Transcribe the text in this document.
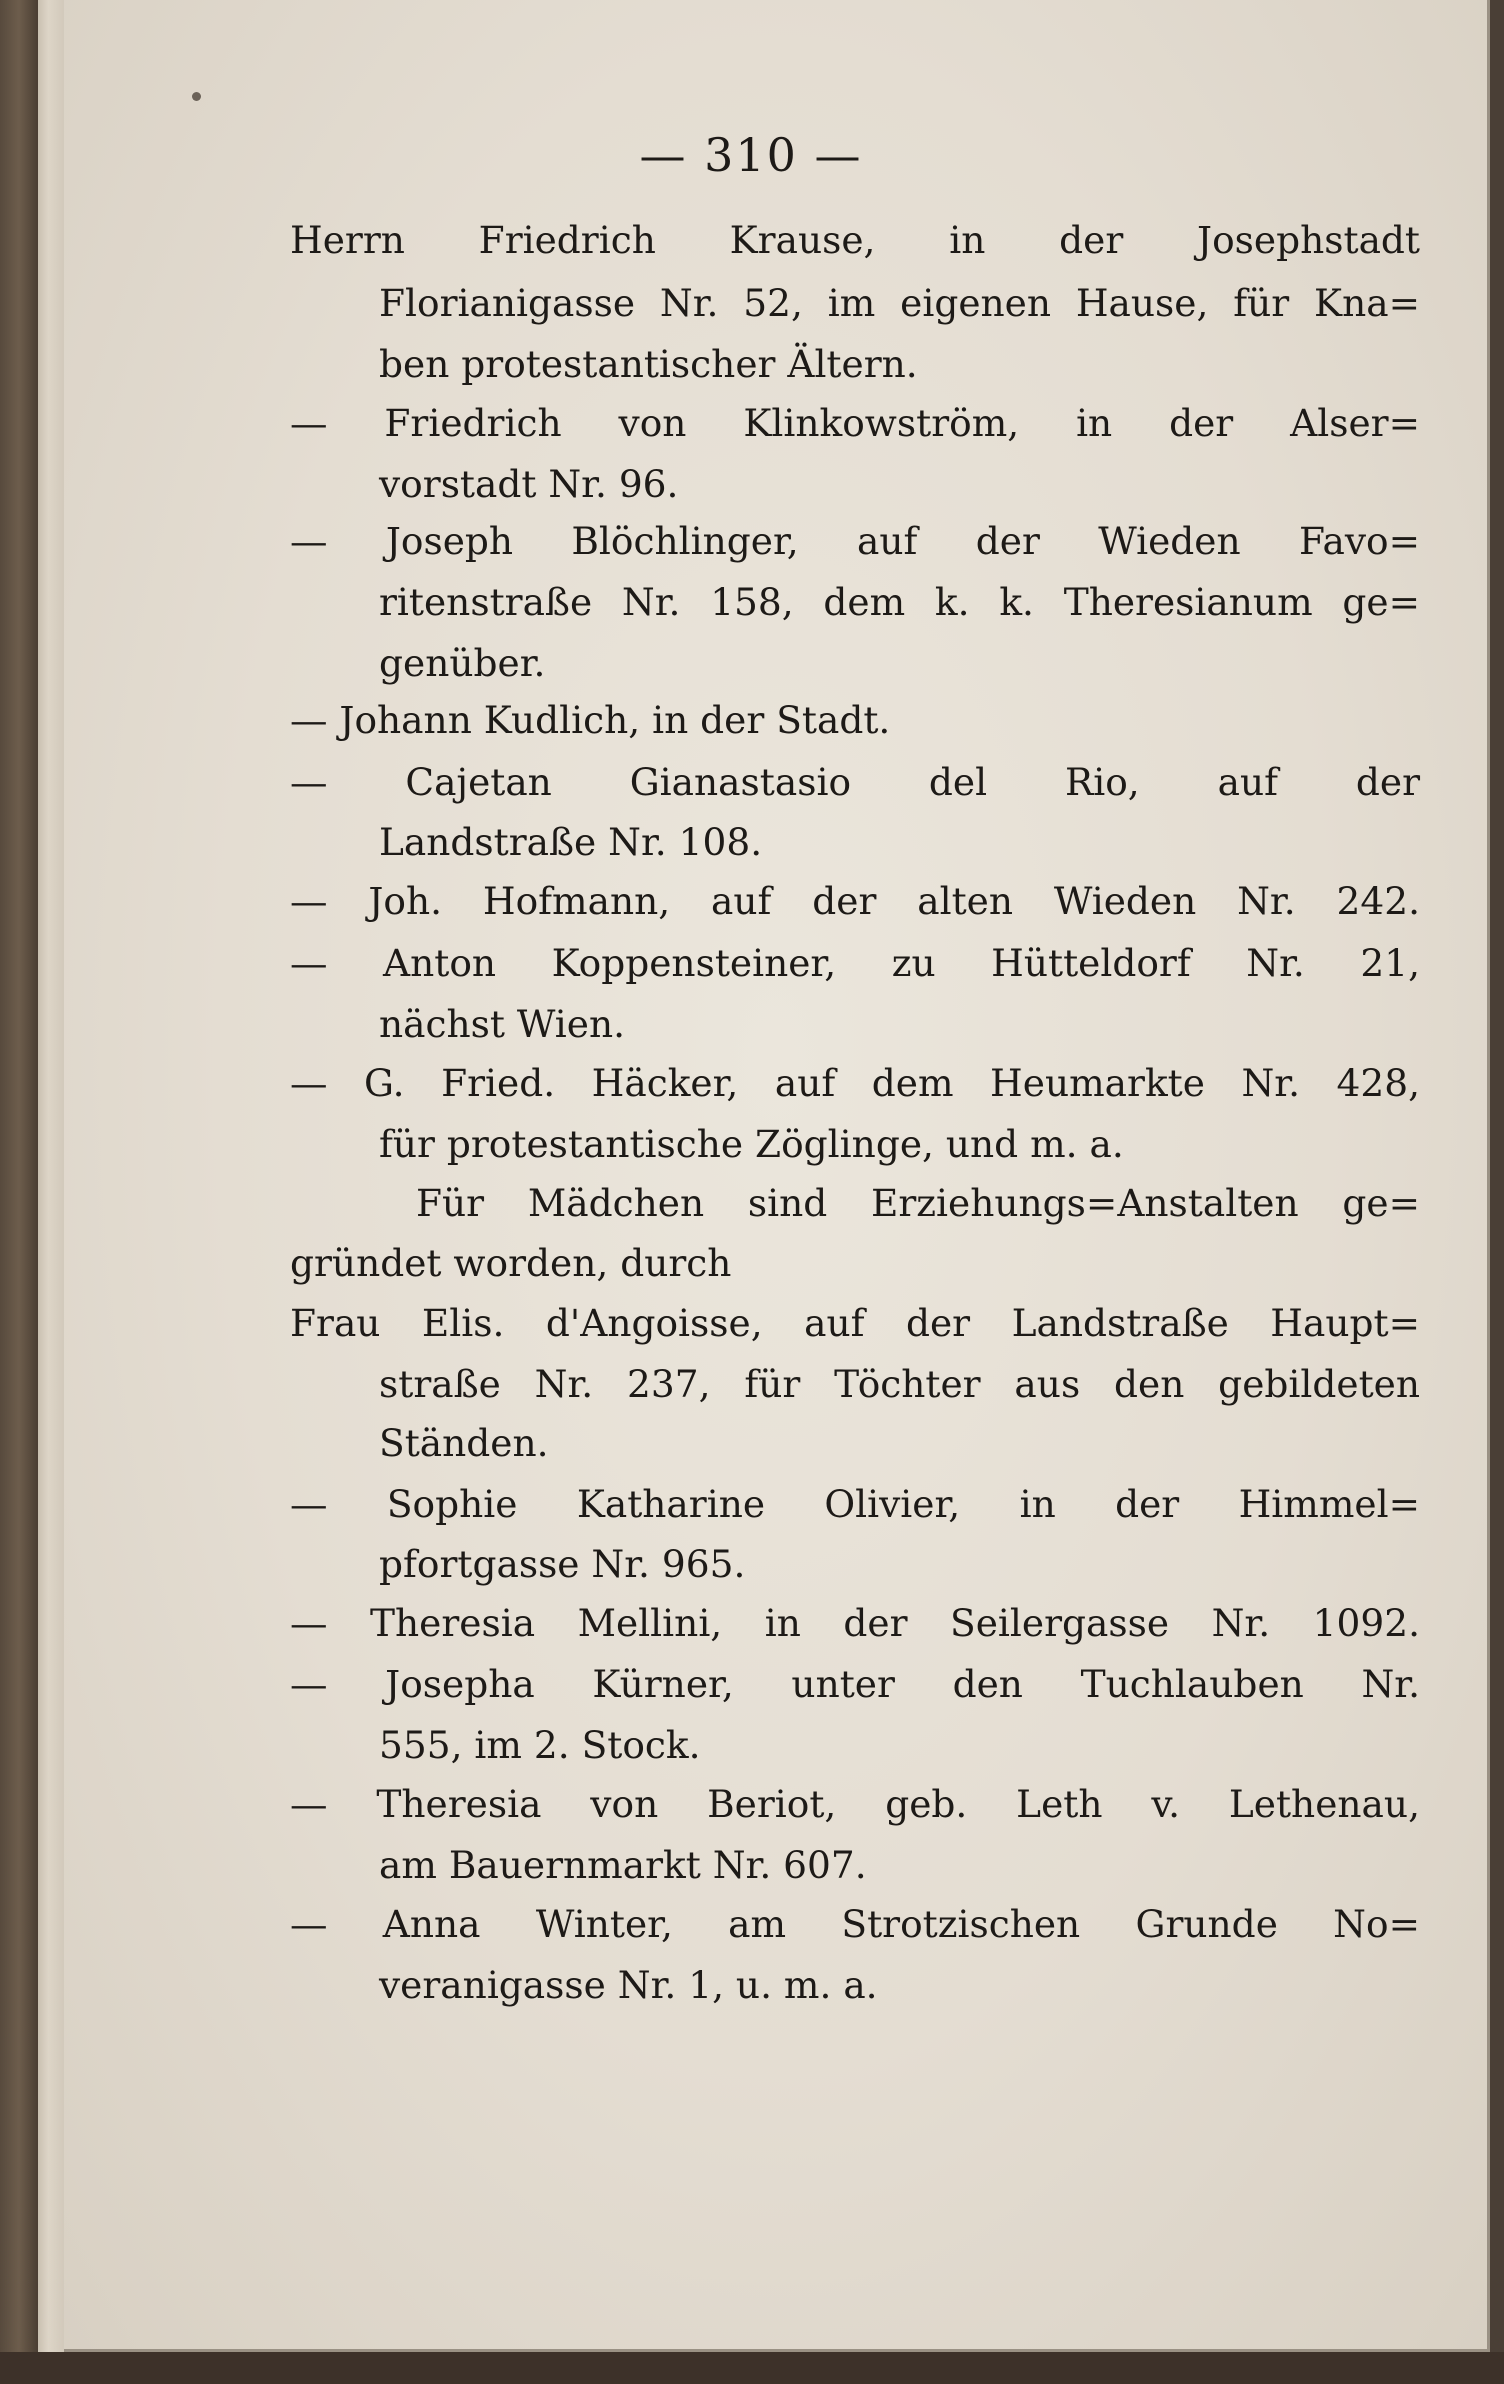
— 310 —
Herrn Friedrich Krause, in der Josephstadt
Florianigasse Nr. 52, im eigenen Hause, für Kna=
ben protestantischer Ältern.
— Friedrich von Klinkowström, in der Alser=
vorstadt Nr. 96.
— Joseph Blöchlinger, auf der Wieden Favo=
ritenstraße Nr. 158, dem k. k. Theresianum ge=
genüber.
— Johann Kudlich, in der Stadt.
— Cajetan Gianastasio del Rio, auf der
Landstraße Nr. 108.
— Joh. Hofmann, auf der alten Wieden Nr. 242.
— Anton Koppensteiner, zu Hütteldorf Nr. 21,
nächst Wien.
— G. Fried. Häcker, auf dem Heumarkte Nr. 428,
für protestantische Zöglinge, und m. a.
Für Mädchen sind Erziehungs=Anstalten ge=
gründet worden, durch
Frau Elis. d'Angoisse, auf der Landstraße Haupt=
straße Nr. 237, für Töchter aus den gebildeten
Ständen.
— Sophie Katharine Olivier, in der Himmel=
pfortgasse Nr. 965.
— Theresia Mellini, in der Seilergasse Nr. 1092.
— Josepha Kürner, unter den Tuchlauben Nr.
555, im 2. Stock.
— Theresia von Beriot, geb. Leth v. Lethenau,
am Bauernmarkt Nr. 607.
— Anna Winter, am Strotzischen Grunde No=
veranigasse Nr. 1, u. m. a.
